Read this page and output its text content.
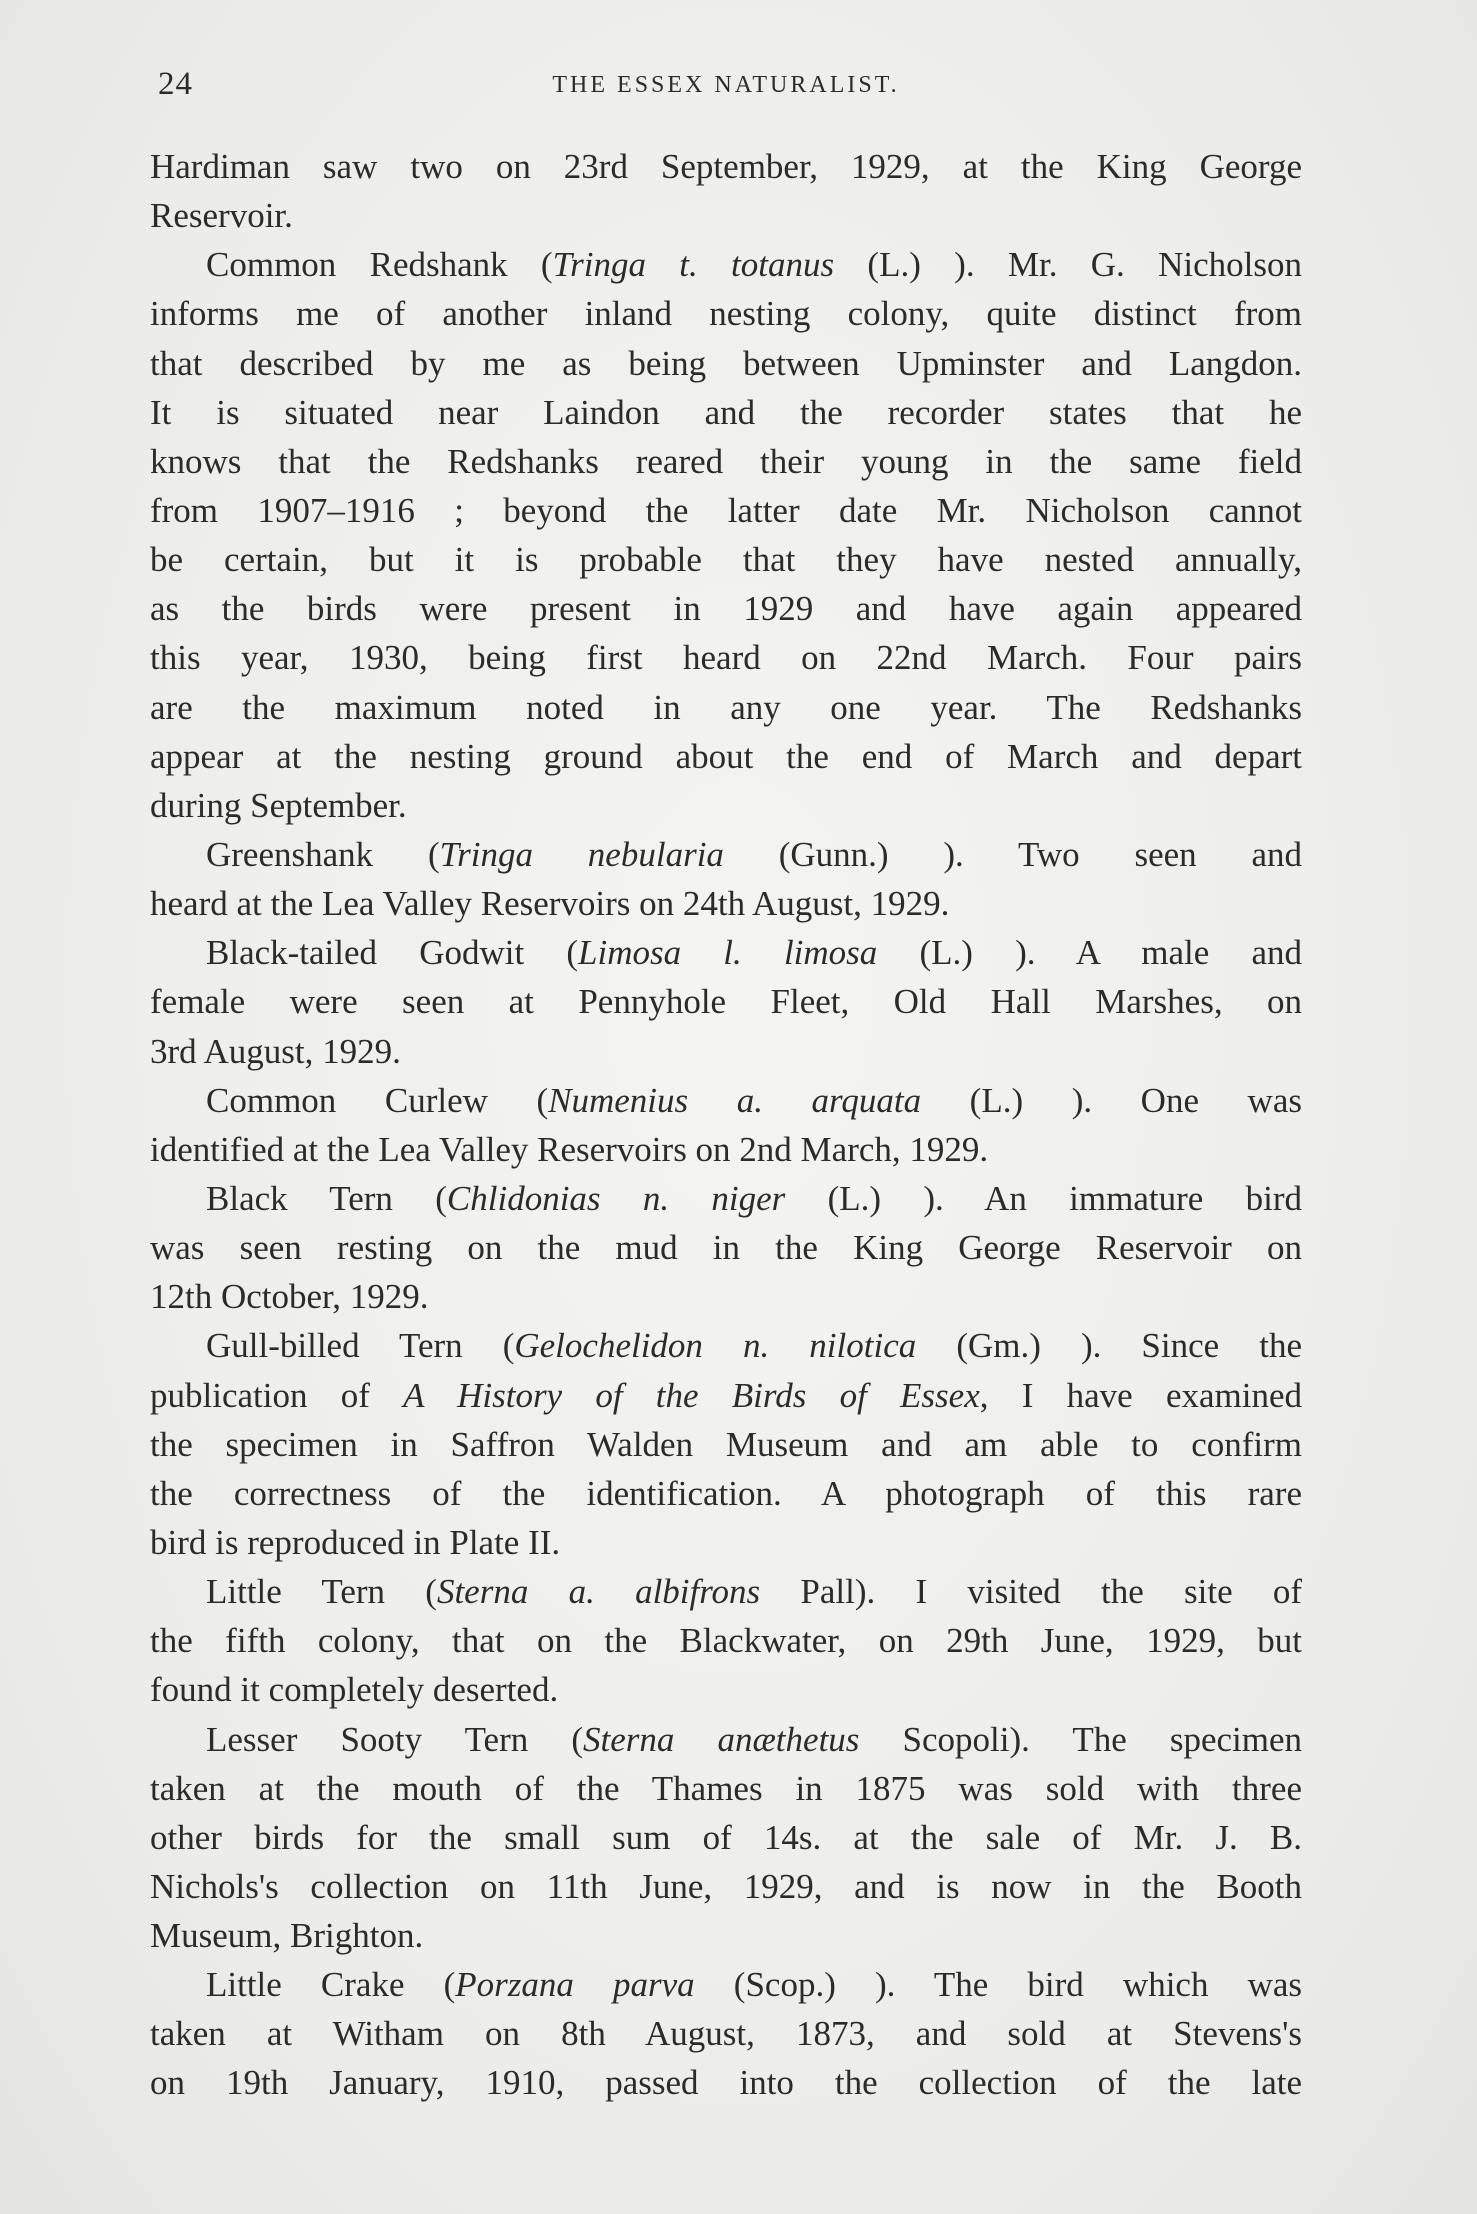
24	THE ESSEX NATURALIST.
Hardiman saw two on 23rd September, 1929, at the King George
Reservoir.
Common Redshank (Tringa t. totanus (L.) ). Mr. G. Nicholson
informs me of another inland nesting colony, quite distinct from
that described by me as being between Upminster and Langdon.
It is situated near Laindon and the recorder states that he
knows that the Redshanks reared their young in the same field
from 1907–1916 ; beyond the latter date Mr. Nicholson cannot
be certain, but it is probable that they have nested annually,
as the birds were present in 1929 and have again appeared
this year, 1930, being first heard on 22nd March. Four pairs
are the maximum noted in any one year. The Redshanks
appear at the nesting ground about the end of March and depart
during September.
Greenshank (Tringa nebularia (Gunn.) ). Two seen and
heard at the Lea Valley Reservoirs on 24th August, 1929.
Black-tailed Godwit (Limosa l. limosa (L.) ). A male and
female were seen at Pennyhole Fleet, Old Hall Marshes, on
3rd August, 1929.
Common Curlew (Numenius a. arquata (L.) ). One was
identified at the Lea Valley Reservoirs on 2nd March, 1929.
Black Tern (Chlidonias n. niger (L.) ). An immature bird
was seen resting on the mud in the King George Reservoir on
12th October, 1929.
Gull-billed Tern (Gelochelidon n. nilotica (Gm.) ). Since the
publication of A History of the Birds of Essex, I have examined
the specimen in Saffron Walden Museum and am able to confirm
the correctness of the identification. A photograph of this rare
bird is reproduced in Plate II.
Little Tern (Sterna a. albifrons Pall). I visited the site of
the fifth colony, that on the Blackwater, on 29th June, 1929, but
found it completely deserted.
Lesser Sooty Tern (Sterna anæthetus Scopoli). The specimen
taken at the mouth of the Thames in 1875 was sold with three
other birds for the small sum of 14s. at the sale of Mr. J. B.
Nichols's collection on 11th June, 1929, and is now in the Booth
Museum, Brighton.
Little Crake (Porzana parva (Scop.) ). The bird which was
taken at Witham on 8th August, 1873, and sold at Stevens's
on 19th January, 1910, passed into the collection of the late
